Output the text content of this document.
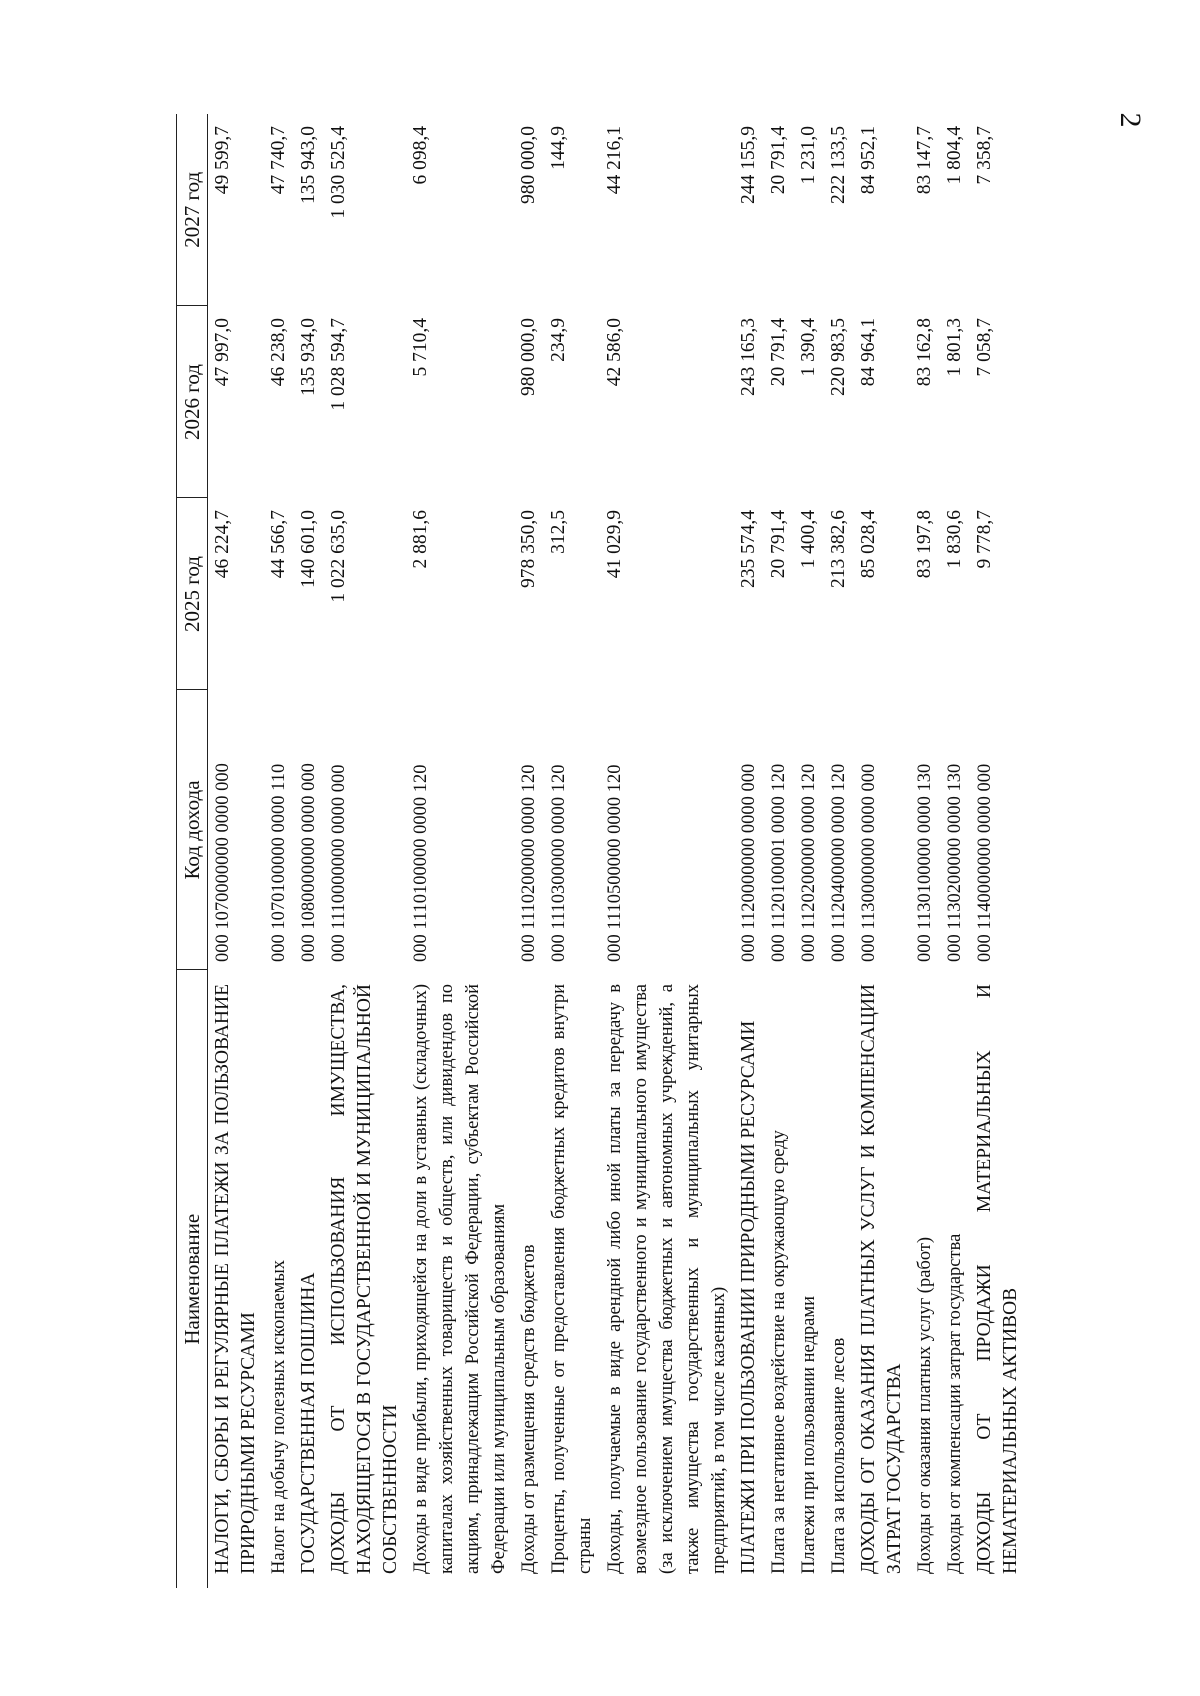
2
Наименование	Код дохода	2025 год	2026 год	2027 год
НАЛОГИ, СБОРЫ И РЕГУЛЯРНЫЕ ПЛАТЕЖИ ЗА ПОЛЬЗОВАНИЕ ПРИРОДНЫМИ РЕСУРСАМИ	000 1070000000 0000 000	46 224,7	47 997,0	49 599,7
Налог на добычу полезных ископаемых	000 1070100000 0000 110	44 566,7	46 238,0	47 740,7
ГОСУДАРСТВЕННАЯ ПОШЛИНА	000 1080000000 0000 000	140 601,0	135 934,0	135 943,0
ДОХОДЫ ОТ ИСПОЛЬЗОВАНИЯ ИМУЩЕСТВА, НАХОДЯЩЕГОСЯ В ГОСУДАРСТВЕННОЙ И МУНИЦИПАЛЬНОЙ СОБСТВЕННОСТИ	000 1110000000 0000 000	1 022 635,0	1 028 594,7	1 030 525,4
Доходы в виде прибыли, приходящейся на доли в уставных (складочных) капиталах хозяйственных товариществ и обществ, или дивидендов по акциям, принадлежащим Российской Федерации, субъектам Российской Федерации или муниципальным образованиям	000 1110100000 0000 120	2 881,6	5 710,4	6 098,4
Доходы от размещения средств бюджетов	000 1110200000 0000 120	978 350,0	980 000,0	980 000,0
Проценты, полученные от предоставления бюджетных кредитов внутри страны	000 1110300000 0000 120	312,5	234,9	144,9
Доходы, получаемые в виде арендной либо иной платы за передачу в возмездное пользование государственного и муниципального имущества (за исключением имущества бюджетных и автономных учреждений, а также имущества государственных и муниципальных унитарных предприятий, в том числе казенных)	000 1110500000 0000 120	41 029,9	42 586,0	44 216,1
ПЛАТЕЖИ ПРИ ПОЛЬЗОВАНИИ ПРИРОДНЫМИ РЕСУРСАМИ	000 1120000000 0000 000	235 574,4	243 165,3	244 155,9
Плата за негативное воздействие на окружающую среду	000 1120100001 0000 120	20 791,4	20 791,4	20 791,4
Платежи при пользовании недрами	000 1120200000 0000 120	1 400,4	1 390,4	1 231,0
Плата за использование лесов	000 1120400000 0000 120	213 382,6	220 983,5	222 133,5
ДОХОДЫ ОТ ОКАЗАНИЯ ПЛАТНЫХ УСЛУГ И КОМПЕНСАЦИИ ЗАТРАТ ГОСУДАРСТВА	000 1130000000 0000 000	85 028,4	84 964,1	84 952,1
Доходы от оказания платных услуг (работ)	000 1130100000 0000 130	83 197,8	83 162,8	83 147,7
Доходы от компенсации затрат государства	000 1130200000 0000 130	1 830,6	1 801,3	1 804,4
ДОХОДЫ ОТ ПРОДАЖИ МАТЕРИАЛЬНЫХ И НЕМАТЕРИАЛЬНЫХ АКТИВОВ	000 1140000000 0000 000	9 778,7	7 058,7	7 358,7
